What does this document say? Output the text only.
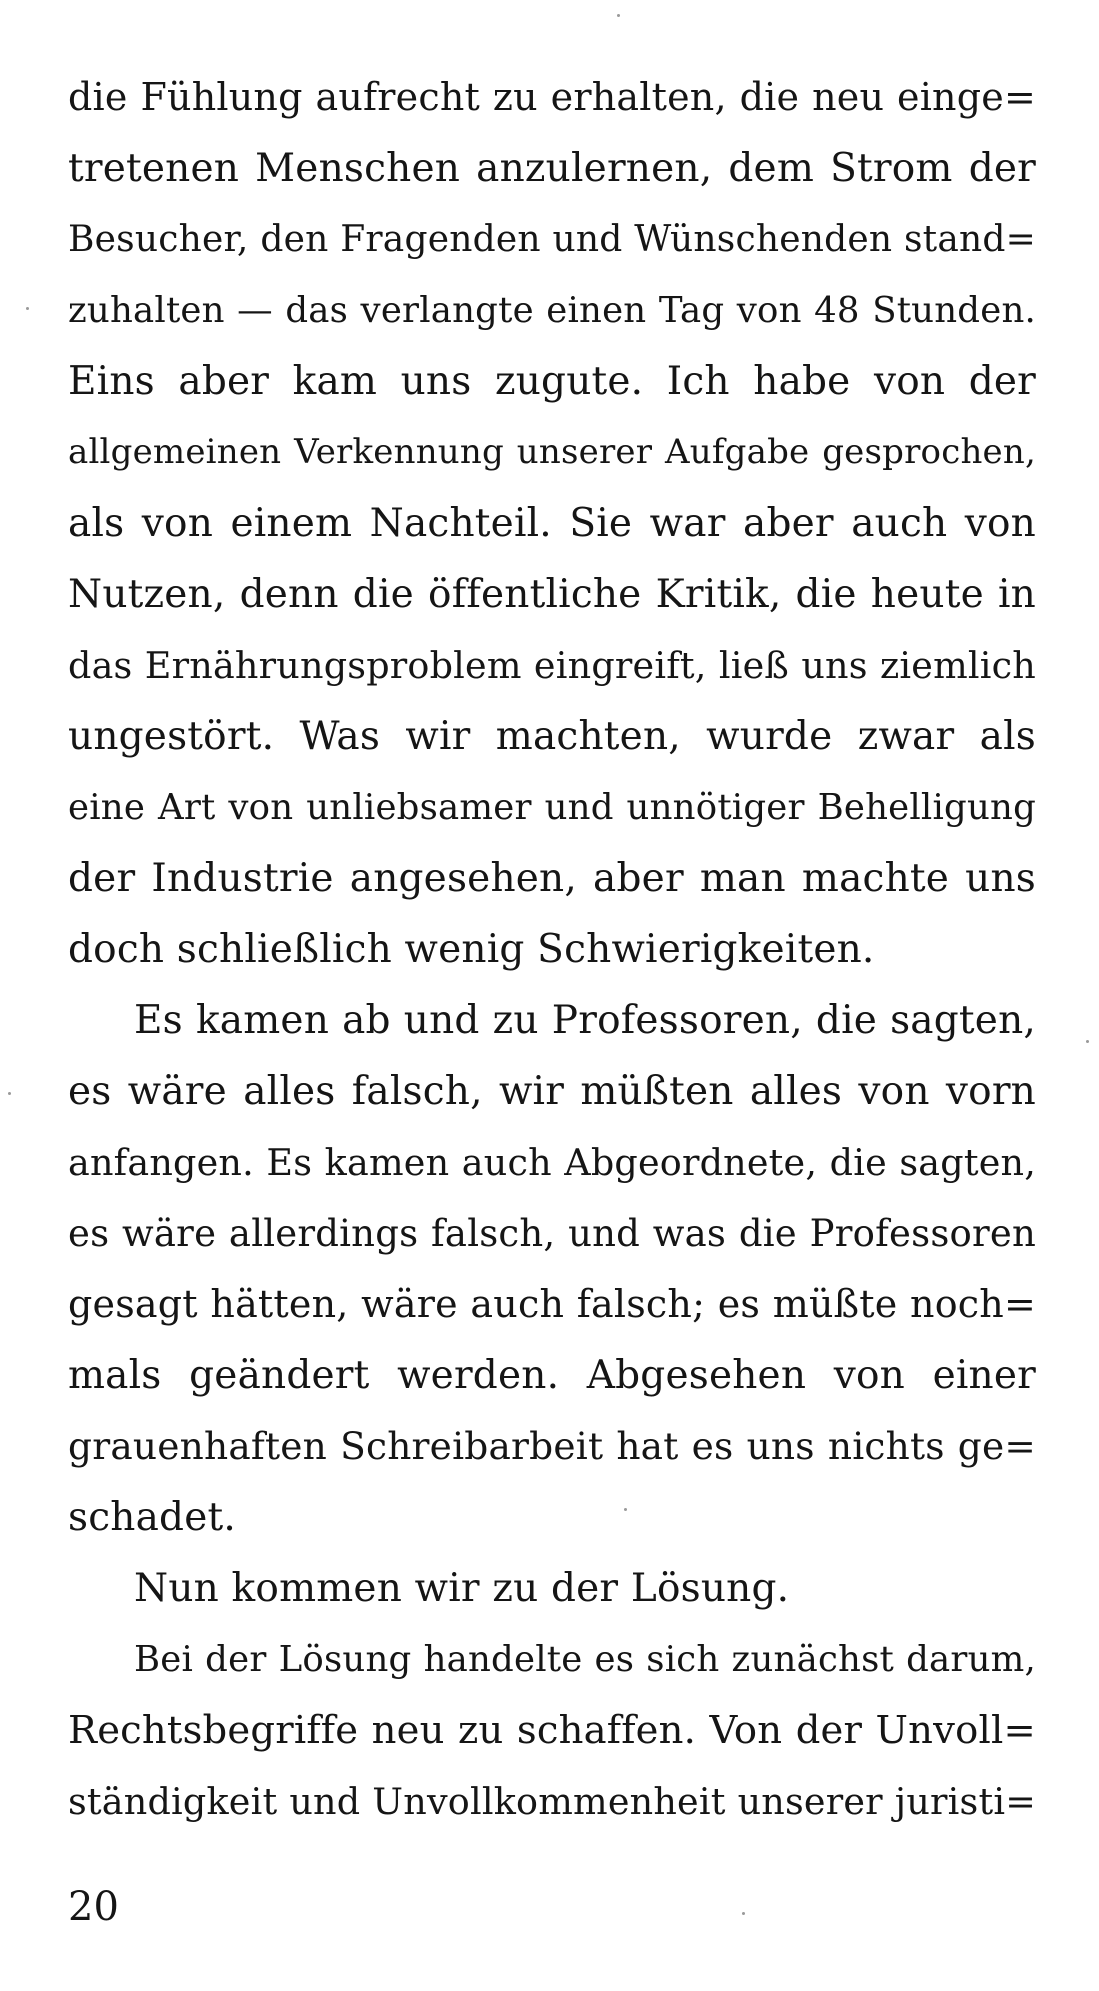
die Fühlung aufrecht zu erhalten, die neu einge=
tretenen Menschen anzulernen, dem Strom der
Besucher, den Fragenden und Wünschenden stand=
zuhalten — das verlangte einen Tag von 48 Stunden.
Eins aber kam uns zugute. Ich habe von der
allgemeinen Verkennung unserer Aufgabe gesprochen,
als von einem Nachteil. Sie war aber auch von
Nutzen, denn die öffentliche Kritik, die heute in
das Ernährungsproblem eingreift, ließ uns ziemlich
ungestört. Was wir machten, wurde zwar als
eine Art von unliebsamer und unnötiger Behelligung
der Industrie angesehen, aber man machte uns
doch schließlich wenig Schwierigkeiten.
Es kamen ab und zu Professoren, die sagten,
es wäre alles falsch, wir müßten alles von vorn
anfangen. Es kamen auch Abgeordnete, die sagten,
es wäre allerdings falsch, und was die Professoren
gesagt hätten, wäre auch falsch; es müßte noch=
mals geändert werden. Abgesehen von einer
grauenhaften Schreibarbeit hat es uns nichts ge=
schadet.
Nun kommen wir zu der Lösung.
Bei der Lösung handelte es sich zunächst darum,
Rechtsbegriffe neu zu schaffen. Von der Unvoll=
ständigkeit und Unvollkommenheit unserer juristi=
20
